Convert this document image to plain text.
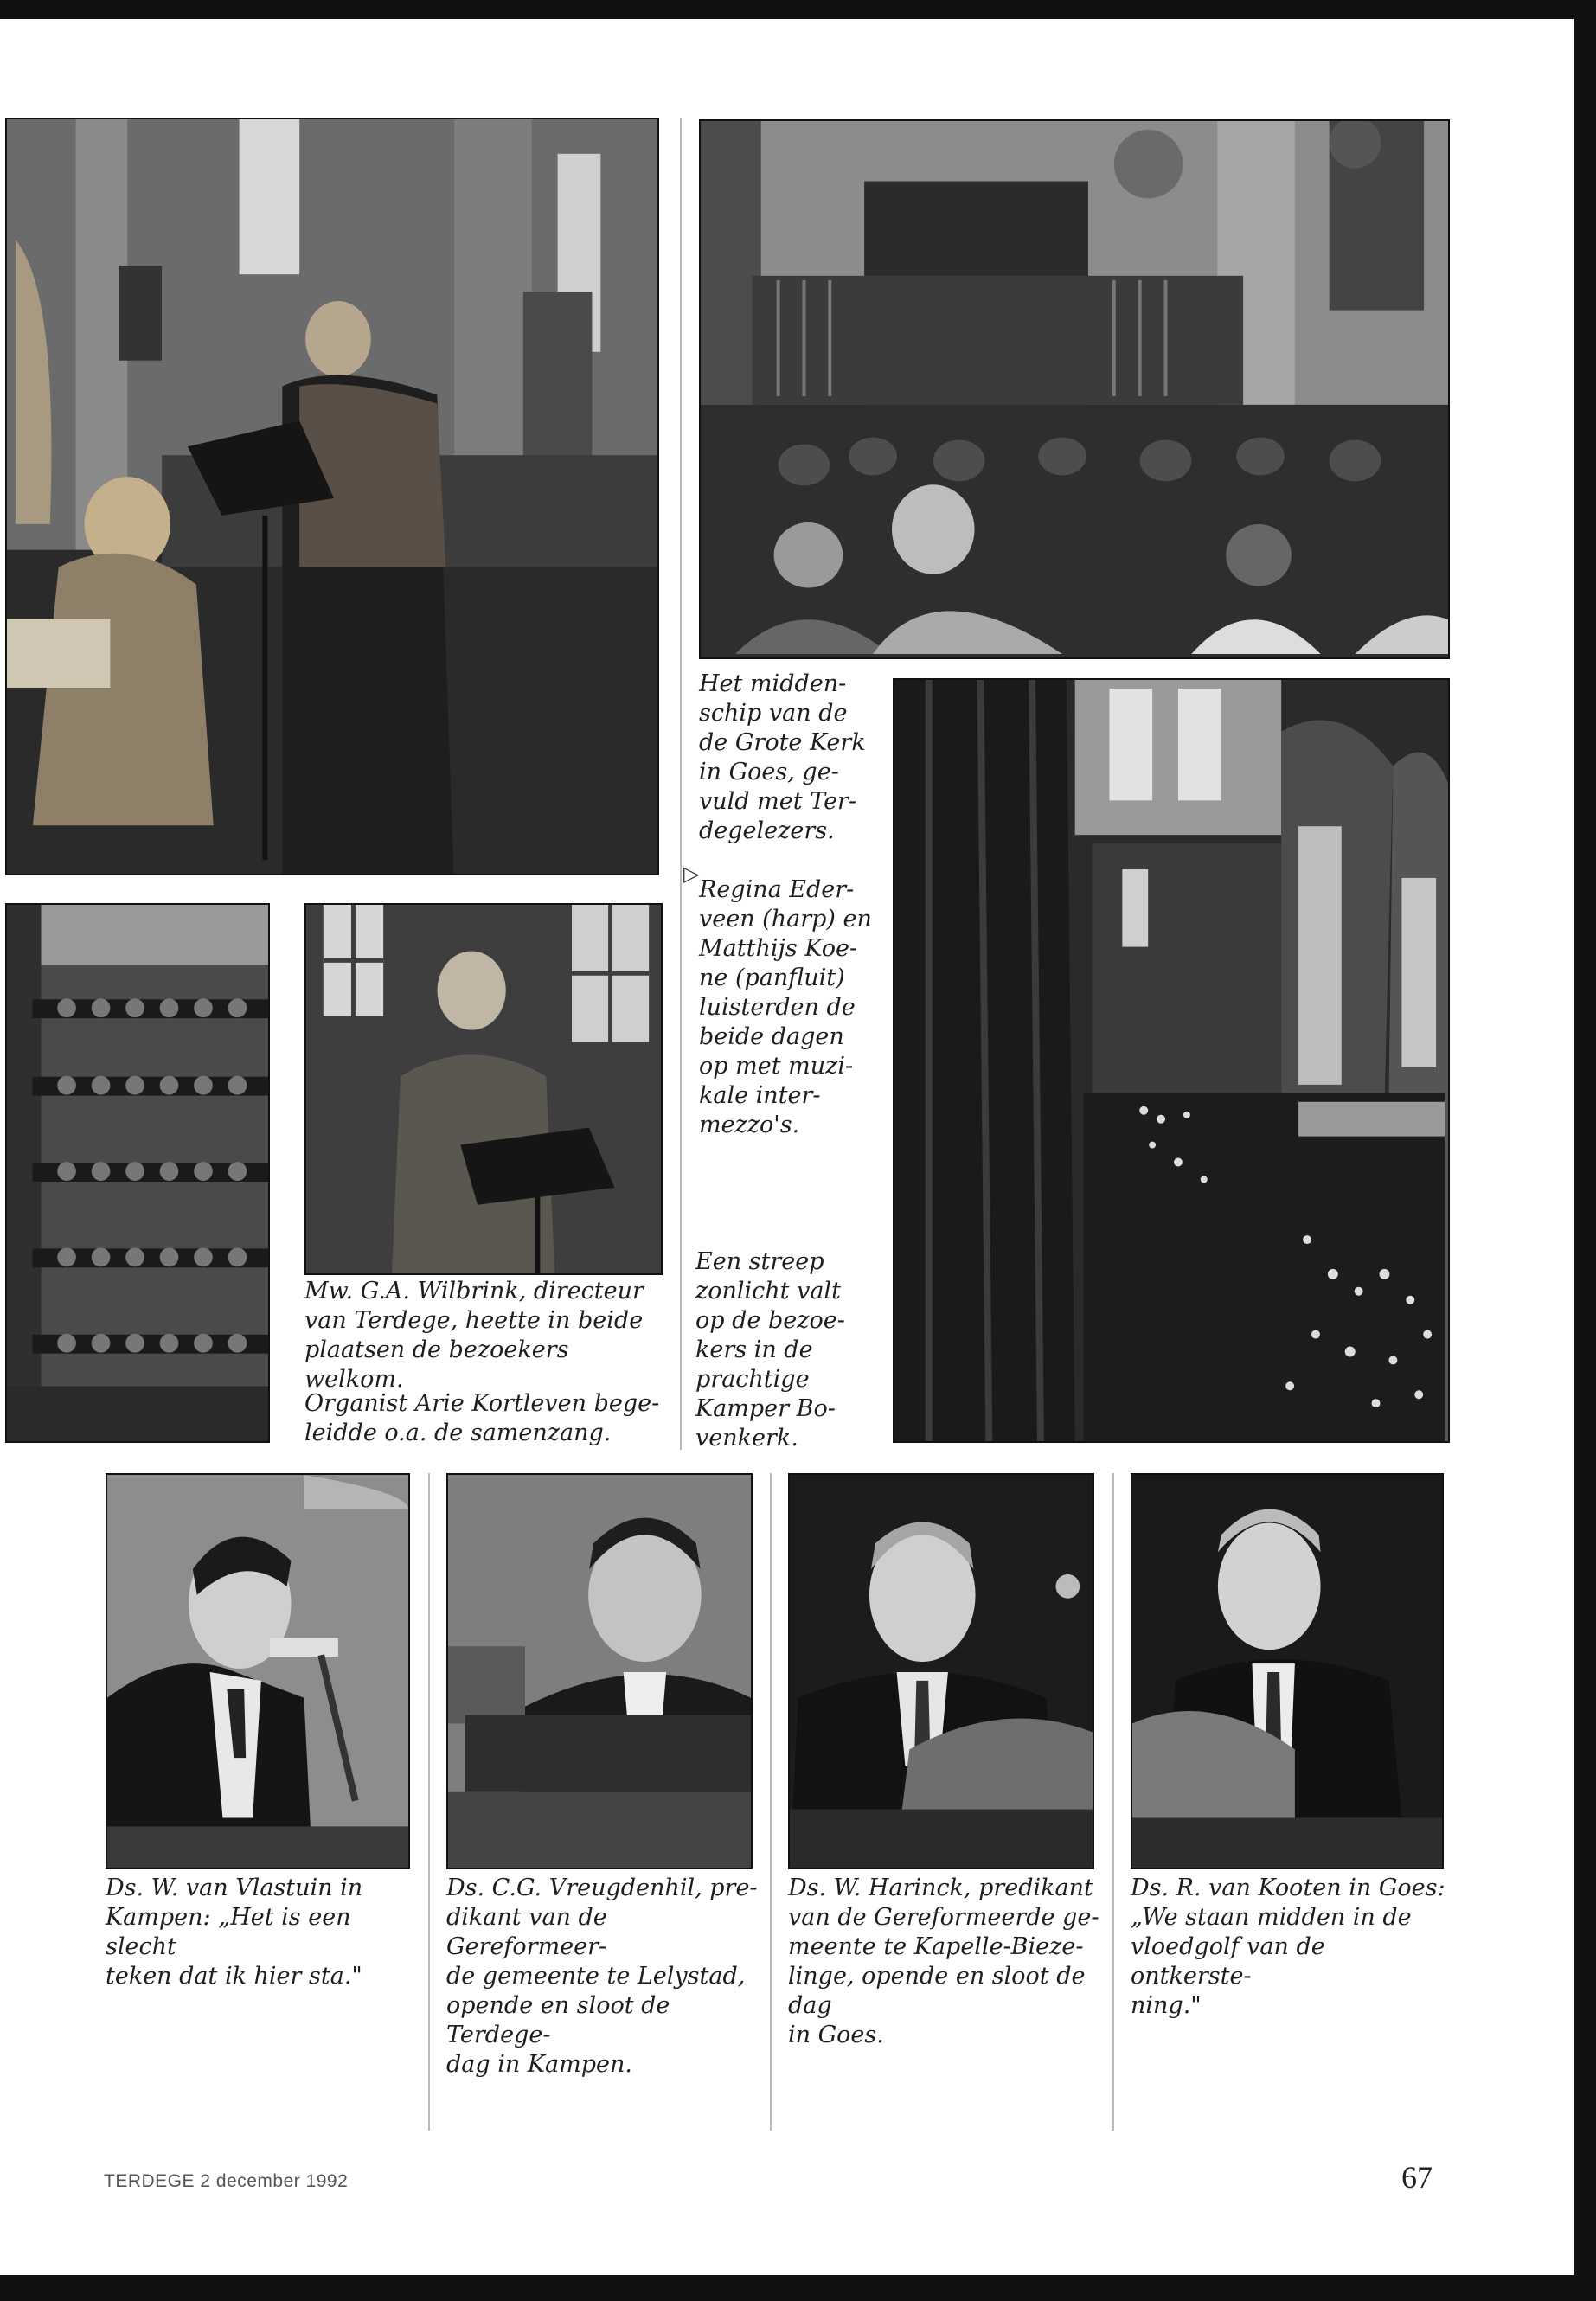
Het midden-
schip van de
de Grote Kerk
in Goes, ge-
vuld met Ter-
degelezers.
▷
Regina Eder-
veen (harp) en
Matthijs Koe-
ne (panfluit)
luisterden de
beide dagen
op met muzi-
kale inter-
mezzo's.
Een streep
zonlicht valt
op de bezoe-
kers in de
prachtige
Kamper Bo-
venkerk.
Mw. G.A. Wilbrink, directeur
van Terdege, heette in beide
plaatsen de bezoekers welkom.
Organist Arie Kortleven bege-
leidde o.a. de samenzang.
Ds. W. van Vlastuin in
Kampen: „Het is een slecht
teken dat ik hier sta."
Ds. C.G. Vreugdenhil, pre-
dikant van de Gereformeer-
de gemeente te Lelystad,
opende en sloot de Terdege-
dag in Kampen.
Ds. W. Harinck, predikant
van de Gereformeerde ge-
meente te Kapelle-Bieze-
linge, opende en sloot de dag
in Goes.
Ds. R. van Kooten in Goes:
„We staan midden in de
vloedgolf van de ontkerste-
ning."
TERDEGE 2 december 1992	67
